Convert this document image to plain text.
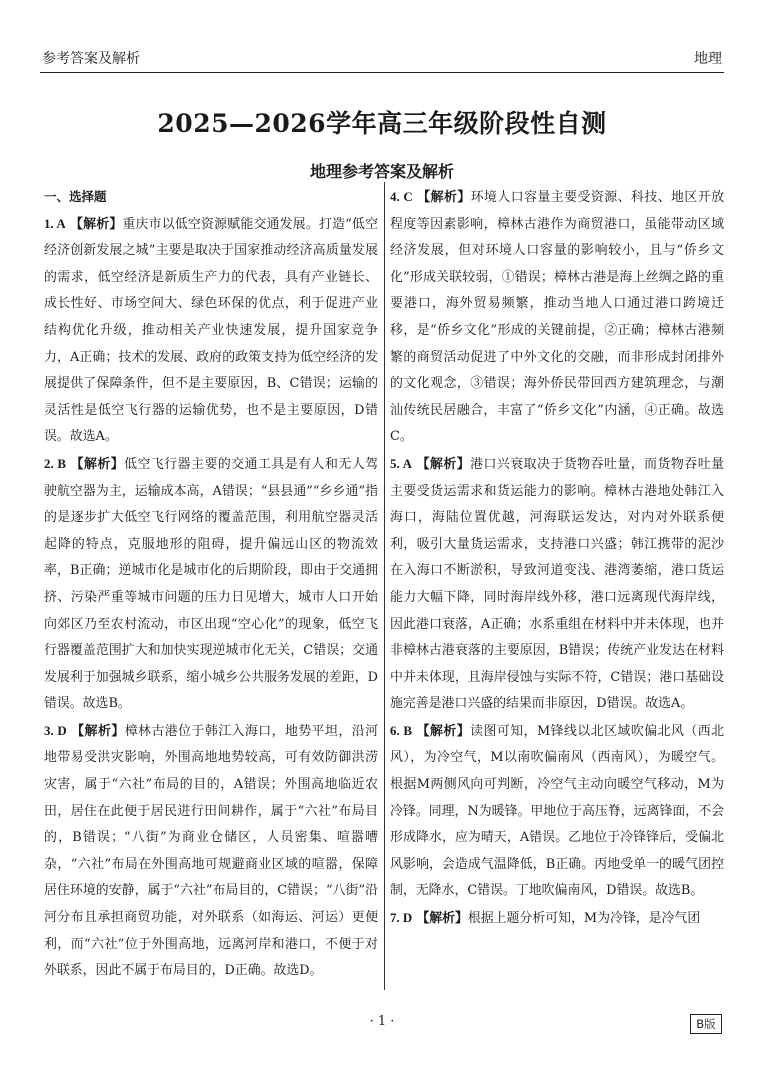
参考答案及解析	地理
2025—2026学年高三年级阶段性自测
地理参考答案及解析
一、选择题
1. A 【解析】重庆市以低空资源赋能交通发展。打造“低空经济创新发展之城”主要是取决于国家推动经济高质量发展的需求，低空经济是新质生产力的代表，具有产业链长、成长性好、市场空间大、绿色环保的优点，利于促进产业结构优化升级，推动相关产业快速发展，提升国家竞争力，A正确；技术的发展、政府的政策支持为低空经济的发展提供了保障条件，但不是主要原因，B、C错误；运输的灵活性是低空飞行器的运输优势，也不是主要原因，D错误。故选A。
2. B 【解析】低空飞行器主要的交通工具是有人和无人驾驶航空器为主，运输成本高，A错误；“县县通”“乡乡通”指的是逐步扩大低空飞行网络的覆盖范围，利用航空器灵活起降的特点，克服地形的阻碍，提升偏远山区的物流效率，B正确；逆城市化是城市化的后期阶段，即由于交通拥挤、污染严重等城市问题的压力日见增大，城市人口开始向郊区乃至农村流动，市区出现“空心化”的现象，低空飞行器覆盖范围扩大和加快实现逆城市化无关，C错误；交通发展利于加强城乡联系，缩小城乡公共服务发展的差距，D错误。故选B。
3. D 【解析】樟林古港位于韩江入海口，地势平坦，沿河地带易受洪灾影响，外围高地地势较高，可有效防御洪涝灾害，属于“六社”布局的目的，A错误；外围高地临近农田，居住在此便于居民进行田间耕作，属于“六社”布局目的，B错误；“八街”为商业仓储区，人员密集、喧嚣嘈杂，“六社”布局在外围高地可规避商业区域的喧嚣，保障居住环境的安静，属于“六社”布局目的，C错误；“八街”沿河分布且承担商贸功能，对外联系（如海运、河运）更便利，而“六社”位于外围高地，远离河岸和港口，不便于对外联系，因此不属于布局目的，D正确。故选D。
4. C 【解析】环境人口容量主要受资源、科技、地区开放程度等因素影响，樟林古港作为商贸港口，虽能带动区域经济发展，但对环境人口容量的影响较小，且与“侨乡文化”形成关联较弱，①错误；樟林古港是海上丝绸之路的重要港口，海外贸易频繁，推动当地人口通过港口跨境迁移，是“侨乡文化”形成的关键前提，②正确；樟林古港频繁的商贸活动促进了中外文化的交融，而非形成封闭排外的文化观念，③错误；海外侨民带回西方建筑理念，与潮汕传统民居融合，丰富了“侨乡文化”内涵，④正确。故选C。
5. A 【解析】港口兴衰取决于货物吞吐量，而货物吞吐量主要受货运需求和货运能力的影响。樟林古港地处韩江入海口，海陆位置优越，河海联运发达，对内对外联系便利，吸引大量货运需求，支持港口兴盛；韩江携带的泥沙在入海口不断淤积，导致河道变浅、港湾萎缩，港口货运能力大幅下降，同时海岸线外移，港口远离现代海岸线，因此港口衰落，A正确；水系重组在材料中并未体现，也并非樟林古港衰落的主要原因，B错误；传统产业发达在材料中并未体现，且海岸侵蚀与实际不符，C错误；港口基础设施完善是港口兴盛的结果而非原因，D错误。故选A。
6. B 【解析】读图可知，M锋线以北区域吹偏北风（西北风），为冷空气，M以南吹偏南风（西南风），为暖空气。根据M两侧风向可判断，冷空气主动向暖空气移动，M为冷锋。同理，N为暖锋。甲地位于高压脊，远离锋面，不会形成降水，应为晴天，A错误。乙地位于冷锋锋后，受偏北风影响，会造成气温降低，B正确。丙地受单一的暖气团控制，无降水，C错误。丁地吹偏南风，D错误。故选B。
7. D 【解析】根据上题分析可知，M为冷锋，是冷气团
· 1 ·	B版
